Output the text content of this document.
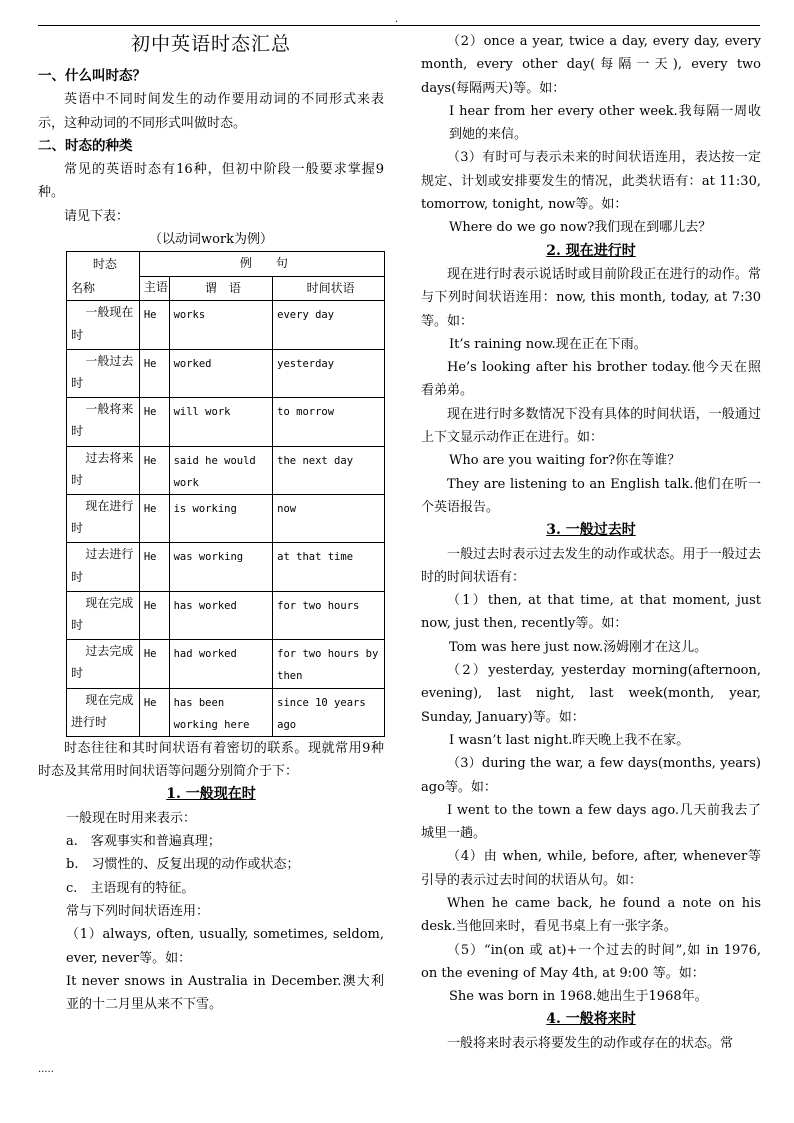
.
初中英语时态汇总

一、什么叫时态？

英语中不同时间发生的动作要用动词的不同形式来表示，这种动词的不同形式叫做时态。

二、时态的种类

常见的英语时态有16种，但初中阶段一般要求掌握9种。

请见下表：

（以动词work为例）

时态
名称	例　　句		
	主语	谓　语	时间状语
一般现在时	He	works	every day
一般过去时	He	worked	yesterday
一般将来时	He	will work	to morrow
过去将来时	He	said he would work	the next day
现在进行时	He	is working	now
过去进行时	He	was working	at that time
现在完成时	He	has worked	for two hours
过去完成时	He	had worked	for two hours by then
现在完成进行时	He	has been working here	since 10 years ago

时态往往和其时间状语有着密切的联系。现就常用9种时态及其常用时间状语等问题分别简介于下：

1. 一般现在时

一般现在时用来表示：

a.　客观事实和普遍真理；

b.　习惯性的、反复出现的动作或状态；

c.　主语现有的特征。

常与下列时间状语连用：

（1）always, often, usually, sometimes, seldom, ever, never等。如：

It never snows in Australia in December.澳大利亚的十二月里从来不下雪。

（2）once a year, twice a day, every day, every month, every other day(每隔一天), every two days(每隔两天)等。如：

I hear from her every other week.我每隔一周收到她的来信。

（3）有时可与表示未来的时间状语连用，表达按一定规定、计划或安排要发生的情况，此类状语有：at 11:30, tomorrow, tonight, now等。如：

Where do we go now?我们现在到哪儿去？

2. 现在进行时

现在进行时表示说话时或目前阶段正在进行的动作。常与下列时间状语连用：now, this month, today, at 7:30 等。如：

It’s raining now.现在正在下雨。

He’s looking after his brother today.他今天在照看弟弟。

现在进行时多数情况下没有具体的时间状语，一般通过上下文显示动作正在进行。如：

Who are you waiting for?你在等谁？

They are listening to an English talk.他们在听一个英语报告。

3. 一般过去时

一般过去时表示过去发生的动作或状态。用于一般过去时的时间状语有：

（1）then, at that time, at that moment, just now, just then, recently等。如：

Tom was here just now.汤姆刚才在这儿。

（2）yesterday, yesterday morning(afternoon, evening), last night, last week(month, year, Sunday, January)等。如：

I wasn’t last night.昨天晚上我不在家。

（3）during the war, a few days(months, years) ago等。如：

I went to the town a few days ago.几天前我去了城里一趟。

（4）由 when, while, before, after, whenever等引导的表示过去时间的状语从句。如：

When he came back, he found a note on his desk.当他回来时，看见书桌上有一张字条。

（5）“in(on 或 at)+一个过去的时间”,如 in 1976, on the evening of May 4th, at 9:00 等。如：

She was born in 1968.她出生于1968年。

4. 一般将来时

一般将来时表示将要发生的动作或存在的状态。常

.....
